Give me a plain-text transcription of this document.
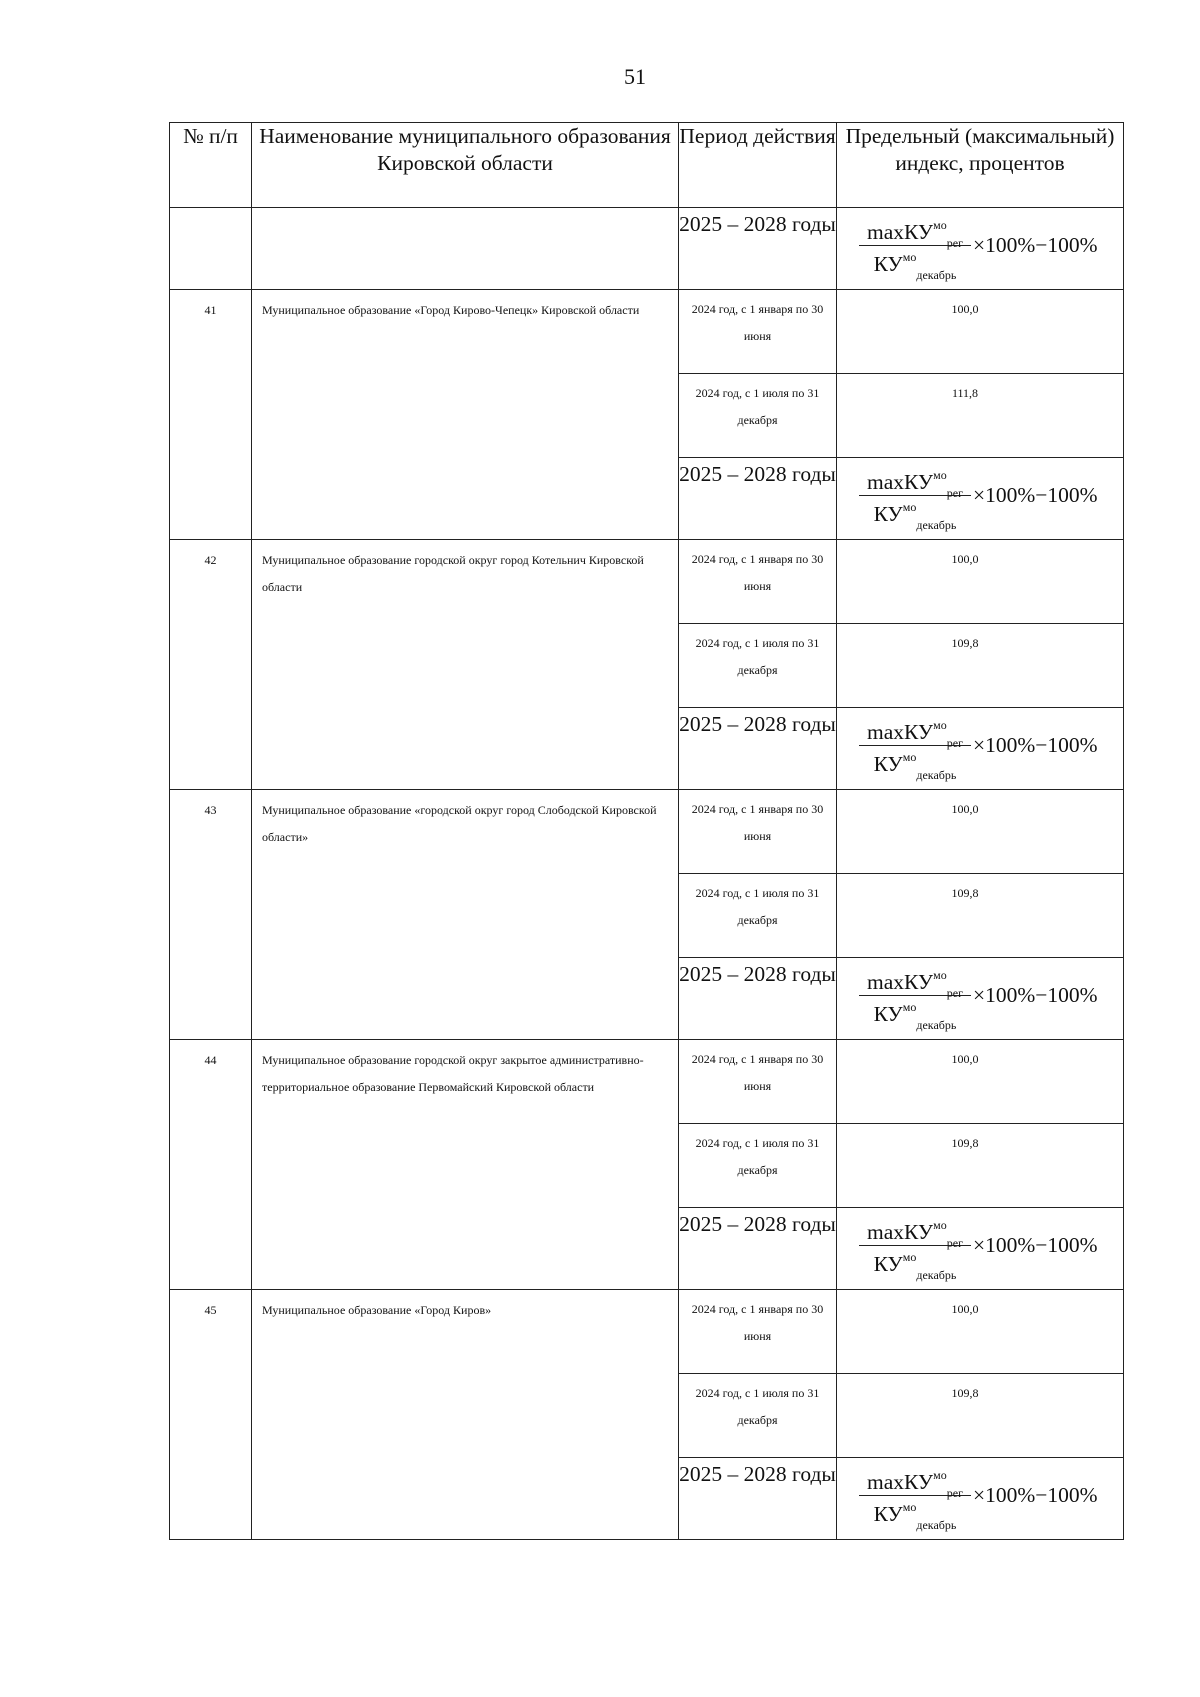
51
№ п/п	Наименование муниципального образования Кировской области	Период действия	Предельный (максимальный) индекс, процентов
		2025 – 2028 годы	maxКУ$^{мо}_{рег}$
$КУ^{мо}_{декабрь}$
×100%−100%

41	Муниципальное образование «Город Кирово-Чепецк» Кировской области	2024 год, с 1 января по 30 июня	100,0
		2024 год, с 1 июля по 31 декабря	111,8
		2025 – 2028 годы	maxКУ$^{мо}_{рег}$
$КУ^{мо}_{декабрь}$
×100%−100%

42	Муниципальное образование городской округ город Котельнич Кировской области	2024 год, с 1 января по 30 июня	100,0
		2024 год, с 1 июля по 31 декабря	109,8
		2025 – 2028 годы	maxКУ$^{мо}_{рег}$
$КУ^{мо}_{декабрь}$
×100%−100%

43	Муниципальное образование «городской округ город Слободской Кировской области»	2024 год, с 1 января по 30 июня	100,0
		2024 год, с 1 июля по 31 декабря	109,8
		2025 – 2028 годы	maxКУ$^{мо}_{рег}$
$КУ^{мо}_{декабрь}$
×100%−100%

44	Муниципальное образование городской округ закрытое административно-территориальное образование Первомайский Кировской области	2024 год, с 1 января по 30 июня	100,0
		2024 год, с 1 июля по 31 декабря	109,8
		2025 – 2028 годы	maxКУ$^{мо}_{рег}$
$КУ^{мо}_{декабрь}$
×100%−100%

45	Муниципальное образование «Город Киров»	2024 год, с 1 января по 30 июня	100,0
		2024 год, с 1 июля по 31 декабря	109,8
		2025 – 2028 годы	maxКУ$^{мо}_{рег}$
$КУ^{мо}_{декабрь}$
×100%−100%
